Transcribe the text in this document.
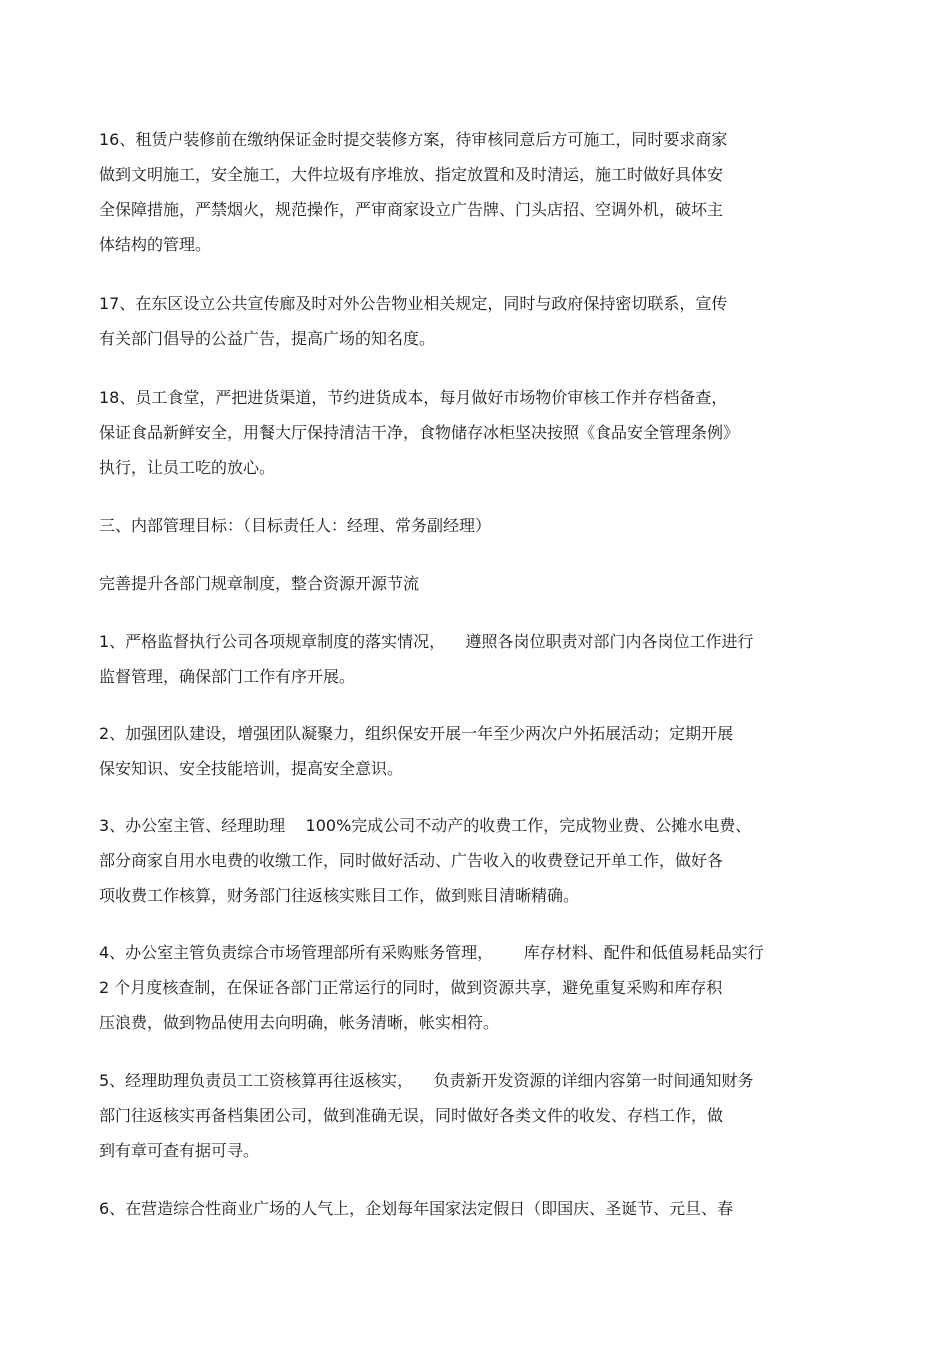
16、租赁户装修前在缴纳保证金时提交装修方案，待审核同意后方可施工，同时要求商家
做到文明施工，安全施工，大件垃圾有序堆放、指定放置和及时清运，施工时做好具体安
全保障措施，严禁烟火，规范操作，严审商家设立广告牌、门头店招、空调外机，破坏主
体结构的管理。
17、在东区设立公共宣传廊及时对外公告物业相关规定，同时与政府保持密切联系，宣传
有关部门倡导的公益广告，提高广场的知名度。
18、员工食堂，严把进货渠道，节约进货成本，每月做好市场物价审核工作并存档备查，
保证食品新鲜安全，用餐大厅保持清洁干净，食物储存冰柜坚决按照《食品安全管理条例》
执行，让员工吃的放心。
三、内部管理目标：（目标责任人：经理、常务副经理）
完善提升各部门规章制度，整合资源开源节流
1、严格监督执行公司各项规章制度的落实情况，    遵照各岗位职责对部门内各岗位工作进行
监督管理，确保部门工作有序开展。
2、加强团队建设，增强团队凝聚力，组织保安开展一年至少两次户外拓展活动；定期开展
保安知识、安全技能培训，提高安全意识。
3、办公室主管、经理助理    100%完成公司不动产的收费工作，完成物业费、公摊水电费、
部分商家自用水电费的收缴工作，同时做好活动、广告收入的收费登记开单工作，做好各
项收费工作核算，财务部门往返核实账目工作，做到账目清晰精确。
4、办公室主管负责综合市场管理部所有采购账务管理，      库存材料、配件和低值易耗品实行
2 个月度核查制，在保证各部门正常运行的同时，做到资源共享，避免重复采购和库存积
压浪费，做到物品使用去向明确，帐务清晰，帐实相符。
5、经理助理负责员工工资核算再往返核实，    负责新开发资源的详细内容第一时间通知财务
部门往返核实再备档集团公司，做到准确无误，同时做好各类文件的收发、存档工作，做
到有章可查有据可寻。
6、在营造综合性商业广场的人气上，企划每年国家法定假日（即国庆、圣诞节、元旦、春
